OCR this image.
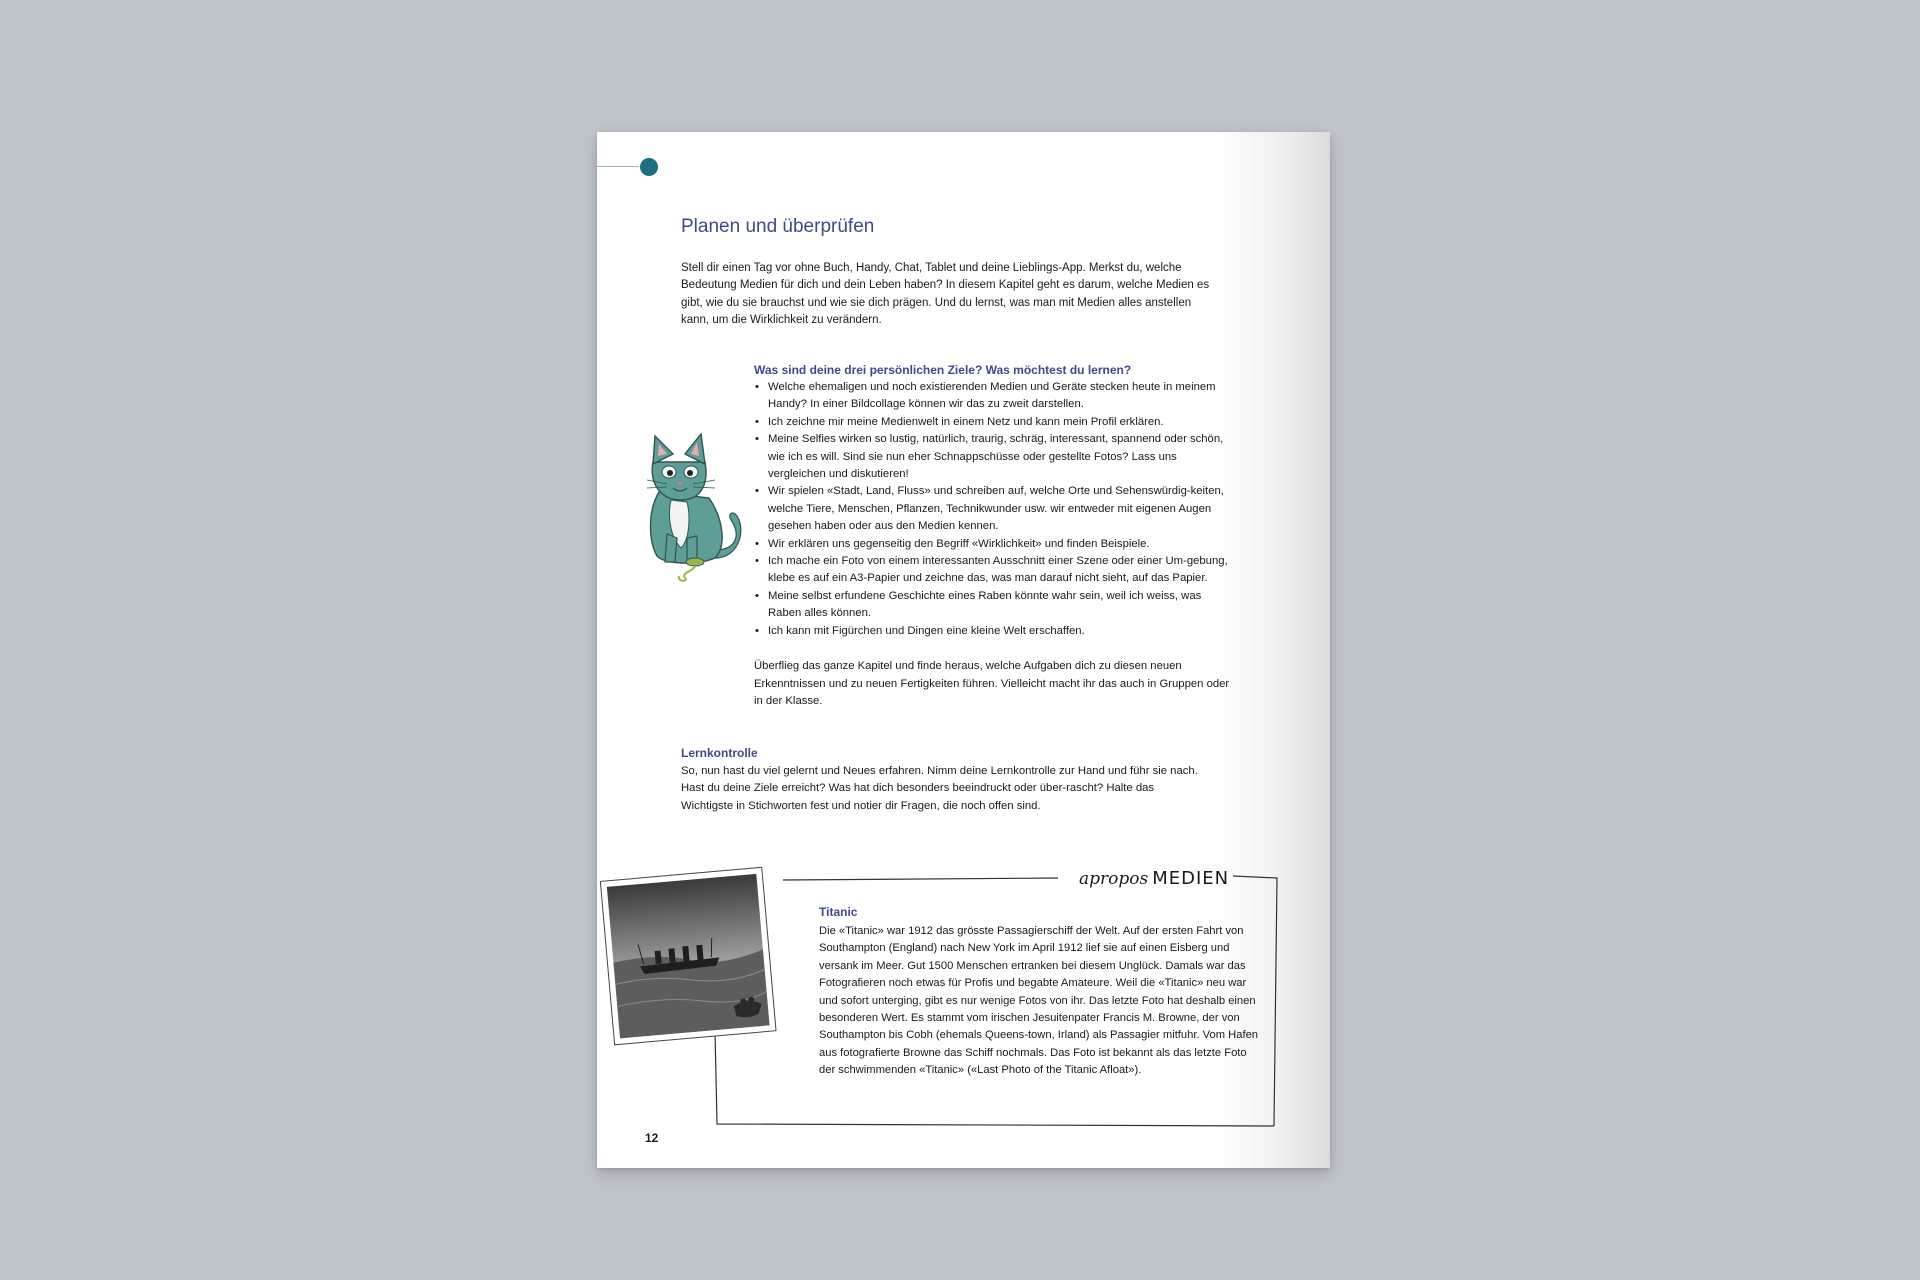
Planen und überprüfen

Stell dir einen Tag vor ohne Buch, Handy, Chat, Tablet und deine Lieblings-App. Merkst du, welche Bedeutung Medien für dich und dein Leben haben? In diesem Kapitel geht es darum, welche Medien es gibt, wie du sie brauchst und wie sie dich prägen. Und du lernst, was man mit Medien alles anstellen kann, um die Wirklichkeit zu verändern.

Was sind deine drei persönlichen Ziele? Was möchtest du lernen?
• Welche ehemaligen und noch existierenden Medien und Geräte stecken heute in meinem Handy? In einer Bildcollage können wir das zu zweit darstellen.
• Ich zeichne mir meine Medienwelt in einem Netz und kann mein Profil erklären.
• Meine Selfies wirken so lustig, natürlich, traurig, schräg, interessant, spannend oder schön, wie ich es will. Sind sie nun eher Schnappschüsse oder gestellte Fotos? Lass uns vergleichen und diskutieren!
• Wir spielen «Stadt, Land, Fluss» und schreiben auf, welche Orte und Sehenswürdig-keiten, welche Tiere, Menschen, Pflanzen, Technikwunder usw. wir entweder mit eigenen Augen gesehen haben oder aus den Medien kennen.
• Wir erklären uns gegenseitig den Begriff «Wirklichkeit» und finden Beispiele.
• Ich mache ein Foto von einem interessanten Ausschnitt einer Szene oder einer Um-gebung, klebe es auf ein A3-Papier und zeichne das, was man darauf nicht sieht, auf das Papier.
• Meine selbst erfundene Geschichte eines Raben könnte wahr sein, weil ich weiss, was Raben alles können.
• Ich kann mit Figürchen und Dingen eine kleine Welt erschaffen.

Überflieg das ganze Kapitel und finde heraus, welche Aufgaben dich zu diesen neuen Erkenntnissen und zu neuen Fertigkeiten führen. Vielleicht macht ihr das auch in Gruppen oder in der Klasse.

Lernkontrolle

So, nun hast du viel gelernt und Neues erfahren. Nimm deine Lernkontrolle zur Hand und führ sie nach. Hast du deine Ziele erreicht? Was hat dich besonders beeindruckt oder über-rascht? Halte das Wichtigste in Stichworten fest und notier dir Fragen, die noch offen sind.

apropos MEDIEN
Titanic

Die «Titanic» war 1912 das grösste Passagierschiff der Welt. Auf der ersten Fahrt von Southampton (England) nach New York im April 1912 lief sie auf einen Eisberg und versank im Meer. Gut 1500 Menschen ertranken bei diesem Unglück. Damals war das Fotografieren noch etwas für Profis und begabte Amateure. Weil die «Titanic» neu war und sofort unterging, gibt es nur wenige Fotos von ihr. Das letzte Foto hat deshalb einen besonderen Wert. Es stammt vom irischen Jesuitenpater Francis M. Browne, der von Southampton bis Cobh (ehemals Queens-town, Irland) als Passagier mitfuhr. Vom Hafen aus fotografierte Browne das Schiff nochmals. Das Foto ist bekannt als das letzte Foto der schwimmenden «Titanic» («Last Photo of the Titanic Afloat»).

12
